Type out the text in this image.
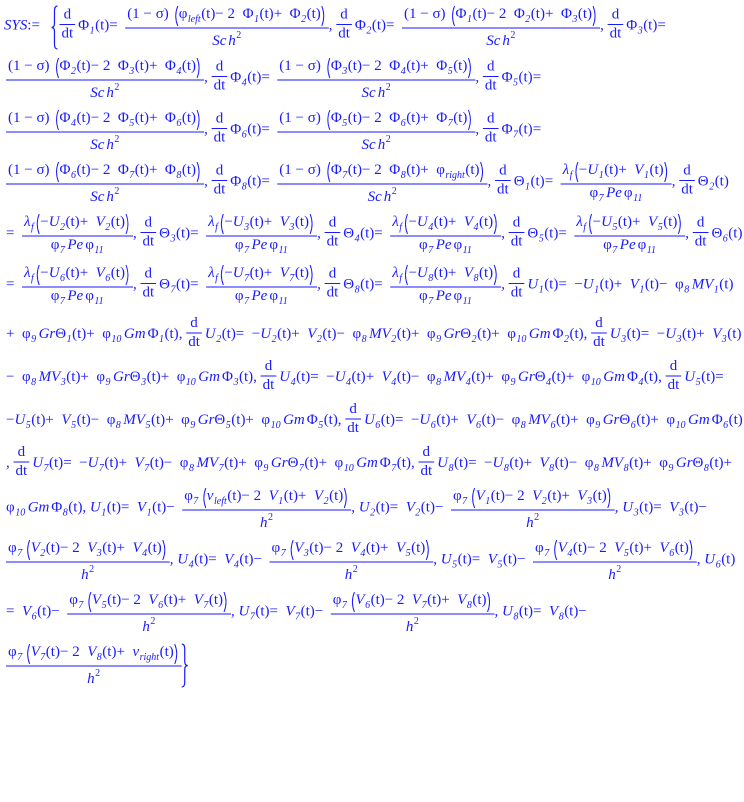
SYS :=
d
dt Φ 1 (t) =
(1 − σ ) φ left (t) − 2 Φ 1 (t) + Φ 2 (t)
Sc h 2
,
d
dt Φ 2 (t) =
(1 − σ ) Φ 1 (t) − 2 Φ 2 (t) + Φ 3 (t)
Sc h 2
,
d
dt Φ 3 (t) =
(1 − σ ) Φ 2 (t) − 2 Φ 3 (t) + Φ 4 (t)
Sc h 2
,
d
dt Φ 4 (t) =
(1 − σ ) Φ 3 (t) − 2 Φ 4 (t) + Φ 5 (t)
Sc h 2
,
d
dt Φ 5 (t) =
(1 − σ ) Φ 4 (t) − 2 Φ 5 (t) + Φ 6 (t)
Sc h 2
,
d
dt Φ 6 (t) =
(1 − σ ) Φ 5 (t) − 2 Φ 6 (t) + Φ 7 (t)
Sc h 2
,
d
dt Φ 7 (t) =
(1 − σ ) Φ 6 (t) − 2 Φ 7 (t) + Φ 8 (t)
Sc h 2
,
d
dt Φ 8 (t) =
(1 − σ ) Φ 7 (t) − 2 Φ 8 (t) + φ right (t)
Sc h 2
,
d
dt Θ 1 (t) =
λ f − U 1 (t) + V 1 (t)
φ 7 Pe φ 11
,
d
dt Θ 2 (t)
=
λ f − U 2 (t) + V 2 (t)
φ 7 Pe φ 11
,
d
dt Θ 3 (t) =
λ f − U 3 (t) + V 3 (t)
φ 7 Pe φ 11
,
d
dt Θ 4 (t) =
λ f − U 4 (t) + V 4 (t)
φ 7 Pe φ 11
,
d
dt Θ 5 (t) =
λ f − U 5 (t) + V 5 (t)
φ 7 Pe φ 11
,
d
dt Θ 6 (t)
=
λ f − U 6 (t) + V 6 (t)
φ 7 Pe φ 11
,
d
dt Θ 7 (t) =
λ f − U 7 (t) + V 7 (t)
φ 7 Pe φ 11
,
d
dt Θ 8 (t) =
λ f − U 8 (t) + V 8 (t)
φ 7 Pe φ 11
,
d
dt U 1 (t) = − U 1 (t) + V 1 (t) − φ 8 M V 1 (t)
+ φ 9 Gr Θ 1 (t) + φ 10 Gm Φ 1 (t) ,
d
dt U 2 (t) = − U 2 (t) + V 2 (t) − φ 8 M V 2 (t) + φ 9 Gr Θ 2 (t) + φ 10 Gm Φ 2 (t) ,
d
dt U 3 (t) = − U 3 (t) + V 3 (t)
− φ 8 M V 3 (t) + φ 9 Gr Θ 3 (t) + φ 10 Gm Φ 3 (t) ,
d
dt U 4 (t) = − U 4 (t) + V 4 (t) − φ 8 M V 4 (t) + φ 9 Gr Θ 4 (t) + φ 10 Gm Φ 4 (t) ,
d
dt U 5 (t) =
− U 5 (t) + V 5 (t) − φ 8 M V 5 (t) + φ 9 Gr Θ 5 (t) + φ 10 Gm Φ 5 (t) ,
d
dt U 6 (t) = − U 6 (t) + V 6 (t) − φ 8 M V 6 (t) + φ 9 Gr Θ 6 (t) + φ 10 Gm Φ 6 (t)
,
d
dt U 7 (t) = − U 7 (t) + V 7 (t) − φ 8 M V 7 (t) + φ 9 Gr Θ 7 (t) + φ 10 Gm Φ 7 (t) ,
d
dt U 8 (t) = − U 8 (t) + V 8 (t) − φ 8 M V 8 (t) + φ 9 Gr Θ 8 (t) +
φ 10 Gm Φ 8 (t) , U 1 (t) = V 1 (t) −
φ 7 v left (t) − 2 V 1 (t) + V 2 (t)
h 2
, U 2 (t) = V 2 (t) −
φ 7 V 1 (t) − 2 V 2 (t) + V 3 (t)
h 2
, U 3 (t) = V 3 (t) −
φ 7 V 2 (t) − 2 V 3 (t) + V 4 (t)
h 2
, U 4 (t) = V 4 (t) −
φ 7 V 3 (t) − 2 V 4 (t) + V 5 (t)
h 2
, U 5 (t) = V 5 (t) −
φ 7 V 4 (t) − 2 V 5 (t) + V 6 (t)
h 2
, U 6 (t)
= V 6 (t) −
φ 7 V 5 (t) − 2 V 6 (t) + V 7 (t)
h 2
, U 7 (t) = V 7 (t) −
φ 7 V 6 (t) − 2 V 7 (t) + V 8 (t)
h 2
, U 8 (t) = V 8 (t) −
φ 7 V 7 (t) − 2 V 8 (t) + v right (t)
h 2
